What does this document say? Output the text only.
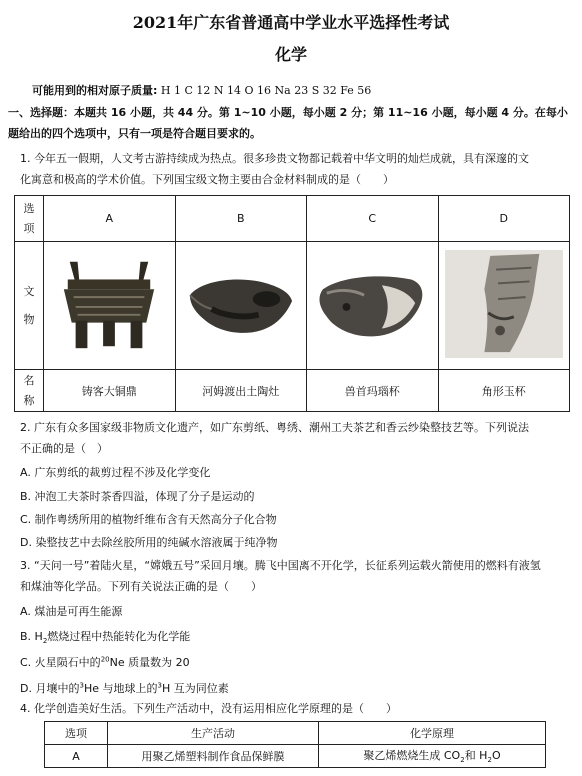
2021年广东省普通高中学业水平选择性考试
化学
可能用到的相对原子质量: H 1 C 12 N 14 O 16 Na 23 S 32 Fe 56
一、选择题：本题共 16 小题，共 44 分。第 1~10 小题，每小题 2 分；第 11~16 小题，每小题 4 分。在每小
题给出的四个选项中，只有一项是符合题目要求的。
1. 今年五一假期，人文考古游持续成为热点。很多珍贵文物都记载着中华文明的灿烂成就，具有深邃的文
化寓意和极高的学术价值。下列国宝级文物主要由合金材料制成的是（　　）
选项	A	B	C	D
文物				
名称	铸客大铜鼎	河姆渡出土陶灶	兽首玛瑙杯	角形玉杯
2. 广东有众多国家级非物质文化遗产，如广东剪纸、粤绣、潮州工夫茶艺和香云纱染整技艺等。下列说法
不正确的是（　）
A. 广东剪纸的裁剪过程不涉及化学变化
B. 冲泡工夫茶时茶香四溢，体现了分子是运动的
C. 制作粤绣所用的植物纤维布含有天然高分子化合物
D. 染整技艺中去除丝胶所用的纯碱水溶液属于纯净物
3. “天问一号”着陆火星，“嫦娥五号”采回月壤。腾飞中国离不开化学，长征系列运载火箭使用的燃料有液氢
和煤油等化学品。下列有关说法正确的是（　　）
A. 煤油是可再生能源
B. $H_2$燃烧过程中热能转化为化学能
C. 火星陨石中的$^{20}$Ne 质量数为 20
D. 月壤中的$^3$He 与地球上的$^3$H 互为同位素
4. 化学创造美好生活。下列生产活动中，没有运用相应化学原理的是（　　）
选项	生产活动	化学原理
A	用聚乙烯塑料制作食品保鲜膜	聚乙烯燃烧生成 $CO_2$和 $H_2O$
